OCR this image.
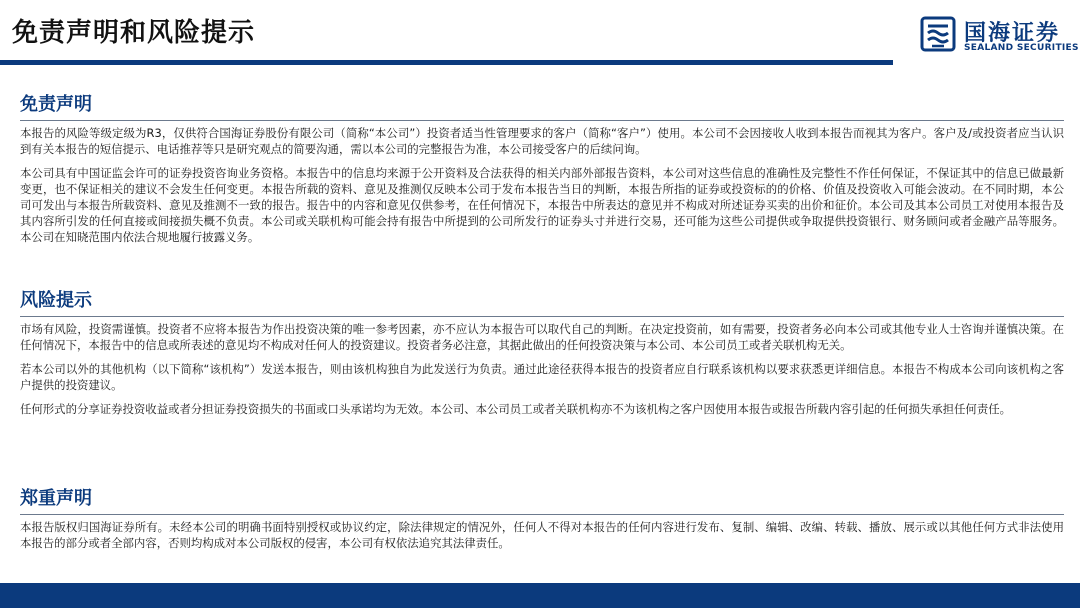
免责声明和风险提示	国海证券
SEALAND SECURITIES
免责声明

本报告的风险等级定级为R3，仅供符合国海证券股份有限公司（简称“本公司”）投资者适当性管理要求的客户（简称“客户”）使用。本公司不会因接收人收到本报告而视其为客户。客户及/或投资者应当认识到有关本报告的短信提示、电话推荐等只是研究观点的简要沟通，需以本公司的完整报告为准，本公司接受客户的后续问询。

本公司具有中国证监会许可的证券投资咨询业务资格。本报告中的信息均来源于公开资料及合法获得的相关内部外部报告资料，本公司对这些信息的准确性及完整性不作任何保证，不保证其中的信息已做最新变更，也不保证相关的建议不会发生任何变更。本报告所载的资料、意见及推测仅反映本公司于发布本报告当日的判断，本报告所指的证券或投资标的的价格、价值及投资收入可能会波动。在不同时期，本公司可发出与本报告所载资料、意见及推测不一致的报告。报告中的内容和意见仅供参考，在任何情况下，本报告中所表达的意见并不构成对所述证券买卖的出价和征价。本公司及其本公司员工对使用本报告及其内容所引发的任何直接或间接损失概不负责。本公司或关联机构可能会持有报告中所提到的公司所发行的证券头寸并进行交易，还可能为这些公司提供或争取提供投资银行、财务顾问或者金融产品等服务。本公司在知晓范围内依法合规地履行披露义务。

风险提示

市场有风险，投资需谨慎。投资者不应将本报告为作出投资决策的唯一参考因素，亦不应认为本报告可以取代自己的判断。在决定投资前，如有需要，投资者务必向本公司或其他专业人士咨询并谨慎决策。在任何情况下，本报告中的信息或所表述的意见均不构成对任何人的投资建议。投资者务必注意，其据此做出的任何投资决策与本公司、本公司员工或者关联机构无关。

若本公司以外的其他机构（以下简称“该机构”）发送本报告，则由该机构独自为此发送行为负责。通过此途径获得本报告的投资者应自行联系该机构以要求获悉更详细信息。本报告不构成本公司向该机构之客户提供的投资建议。

任何形式的分享证券投资收益或者分担证券投资损失的书面或口头承诺均为无效。本公司、本公司员工或者关联机构亦不为该机构之客户因使用本报告或报告所载内容引起的任何损失承担任何责任。

郑重声明

本报告版权归国海证券所有。未经本公司的明确书面特别授权或协议约定，除法律规定的情况外，任何人不得对本报告的任何内容进行发布、复制、编辑、改编、转载、播放、展示或以其他任何方式非法使用本报告的部分或者全部内容，否则均构成对本公司版权的侵害，本公司有权依法追究其法律责任。
